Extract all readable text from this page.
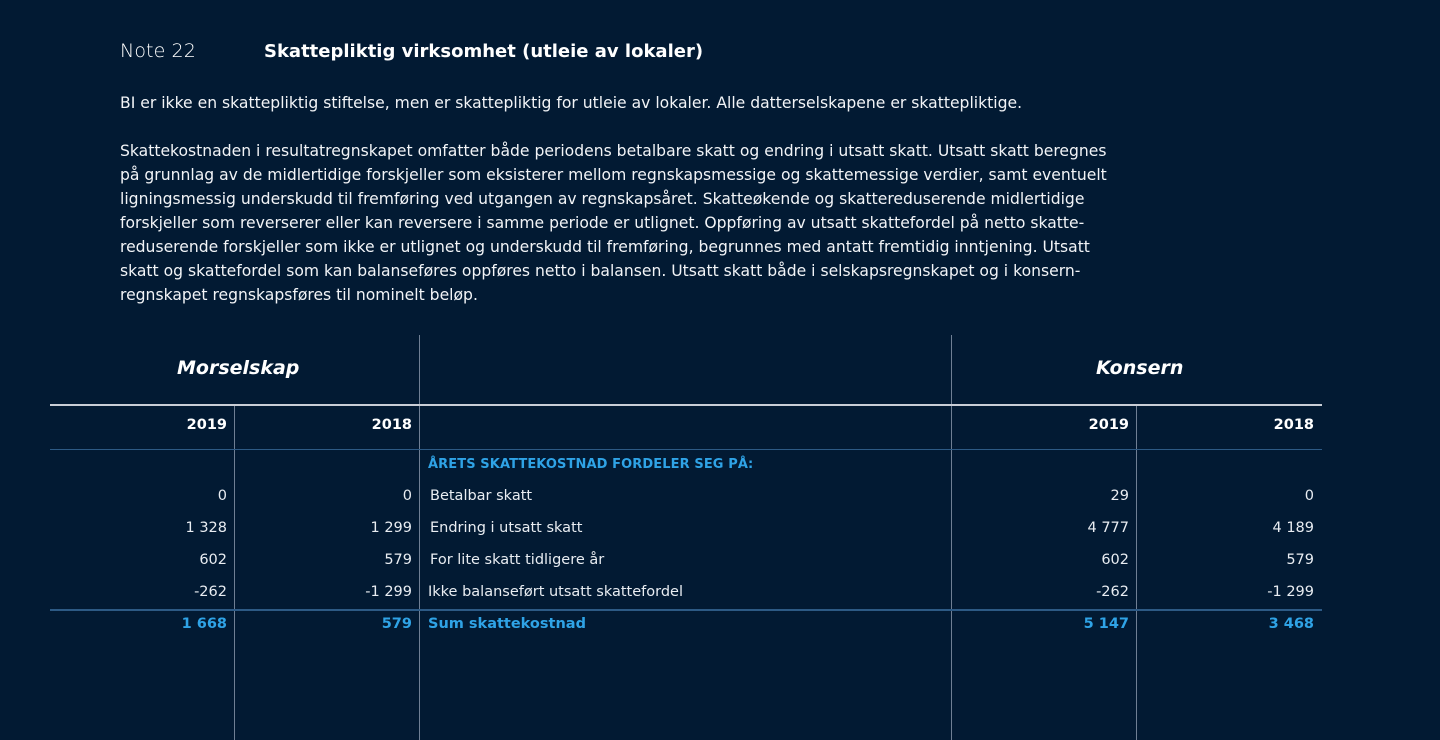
Note 22	Skattepliktig virksomhet (utleie av lokaler)

BI er ikke en skattepliktig stiftelse, men er skattepliktig for utleie av lokaler. Alle datterselskapene er skattepliktige.

Skattekostnaden i resultatregnskapet omfatter både periodens betalbare skatt og endring i utsatt skatt. Utsatt skatt beregnes
på grunnlag av de midlertidige forskjeller som eksisterer mellom regnskapsmessige og skattemessige verdier, samt eventuelt
ligningsmessig underskudd til fremføring ved utgangen av regnskapsåret. Skatteøkende og skattereduserende midlertidige
forskjeller som reverserer eller kan reversere i samme periode er utlignet. Oppføring av utsatt skattefordel på netto skatte-
reduserende forskjeller som ikke er utlignet og underskudd til fremføring, begrunnes med antatt fremtidig inntjening. Utsatt
skatt og skattefordel som kan balanseføres oppføres netto i balansen. Utsatt skatt både i selskapsregnskapet og i konsern-
regnskapet regnskapsføres til nominelt beløp.

Morselskap	Konsern
2019	2018	2019	2018
ÅRETS SKATTEKOSTNAD FORDELER SEG PÅ:
0	0 Betalbar skatt	29	0
1 328	1 299 Endring i utsatt skatt	4 777	4 189
602	579 For lite skatt tidligere år	602	579
-262	-1 299 Ikke balanseført utsatt skattefordel	-262	-1 299
1 668	579 Sum skattekostnad	5 147	3 468
